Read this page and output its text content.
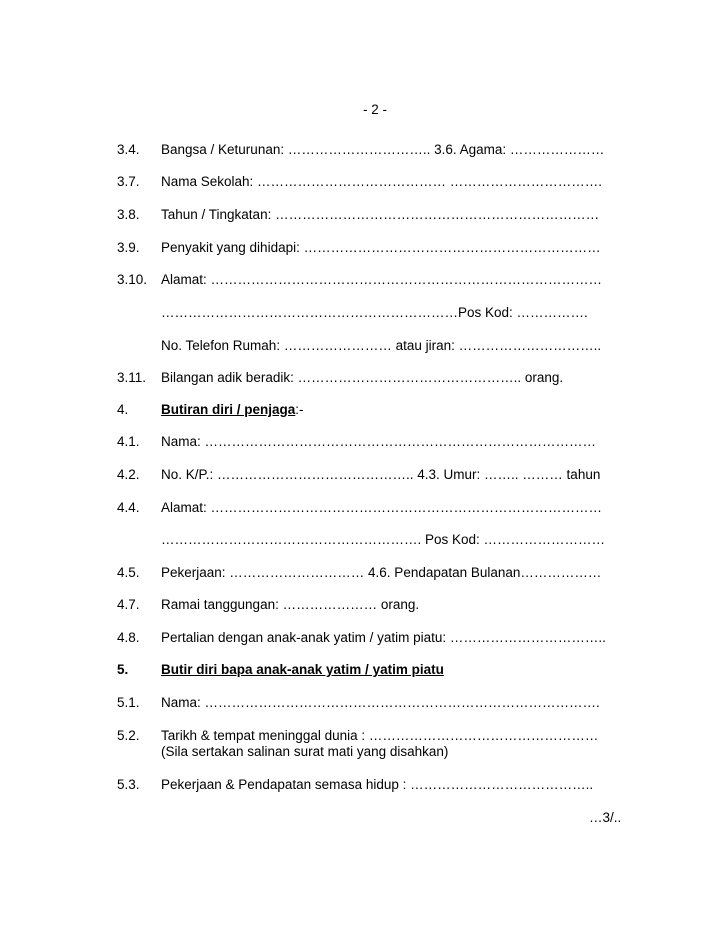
- 2 -
3.4. Bangsa / Keturunan: ………………………….. 3.6. Agama: …………………
3.7. Nama Sekolah: …………………………………… …………………………….
3.8. Tahun / Tingkatan: ………………………………………………………………
3.9. Penyakit yang dihidapi: …………………………………………………………
3.10. Alamat: ……………………………………………………………………………
…………………………………………………………Pos Kod: …………….
No. Telefon Rumah: …………………… atau jiran: …………………………..
3.11. Bilangan adik beradik: ………………………………………….. orang.
4. Butiran diri / penjaga:-
4.1. Nama: ……………………………………………………………………………
4.2. No. K/P.: …………………………………….. 4.3. Umur: …….. ……… tahun
4.4. Alamat: ……………………………………………………………………………
…………………………………………………. Pos Kod: ………………………
4.5. Pekerjaan: ………………………… 4.6. Pendapatan Bulanan………………
4.7. Ramai tanggungan: ………………… orang.
4.8. Pertalian dengan anak-anak yatim / yatim piatu: ……………………………..
5. Butir diri bapa anak-anak yatim / yatim piatu
5.1. Nama: …………………………………………………………………………….
5.2. Tarikh & tempat meninggal dunia : ……………………………………………
(Sila sertakan salinan surat mati yang disahkan)
5.3. Pekerjaan & Pendapatan semasa hidup : …………………………………..
…3/..
